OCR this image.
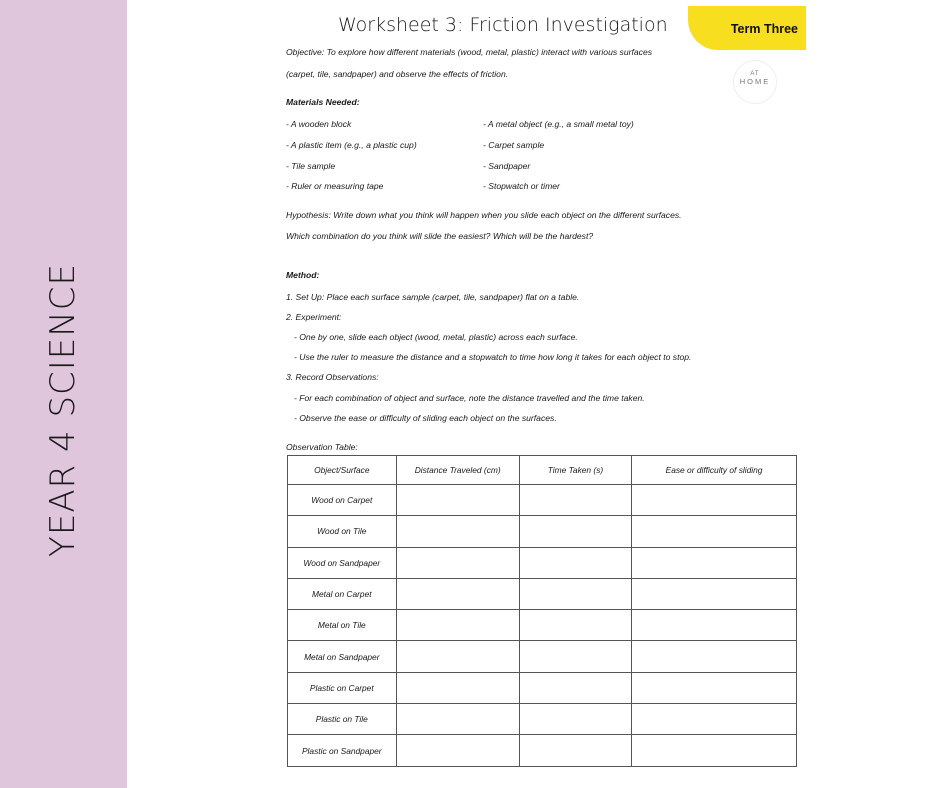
YEAR 4 SCIENCE
Worksheet 3: Friction Investigation	Term Three
AT
HOME
Objective: To explore how different materials (wood, metal, plastic) interact with various surfaces
(carpet, tile, sandpaper) and observe the effects of friction.
Materials Needed:
- A wooden block
- A plastic item (e.g., a plastic cup)
- Tile sample
- Ruler or measuring tape
- A metal object (e.g., a small metal toy)
- Carpet sample
- Sandpaper
- Stopwatch or timer
Hypothesis: Write down what you think will happen when you slide each object on the different surfaces.
Which combination do you think will slide the easiest? Which will be the hardest?
Method:
1. Set Up: Place each surface sample (carpet, tile, sandpaper) flat on a table.
2. Experiment:
- One by one, slide each object (wood, metal, plastic) across each surface.
- Use the ruler to measure the distance and a stopwatch to time how long it takes for each object to stop.
3. Record Observations:
- For each combination of object and surface, note the distance travelled and the time taken.
- Observe the ease or difficulty of sliding each object on the surfaces.
Observation Table:
Object/Surface	Distance Traveled (cm)	Time Taken (s)	Ease or difficulty of sliding
Wood on Carpet			
Wood on Tile			
Wood on Sandpaper			
Metal on Carpet			
Metal on Tile			
Metal on Sandpaper			
Plastic on Carpet			
Plastic on Tile			
Plastic on Sandpaper			
